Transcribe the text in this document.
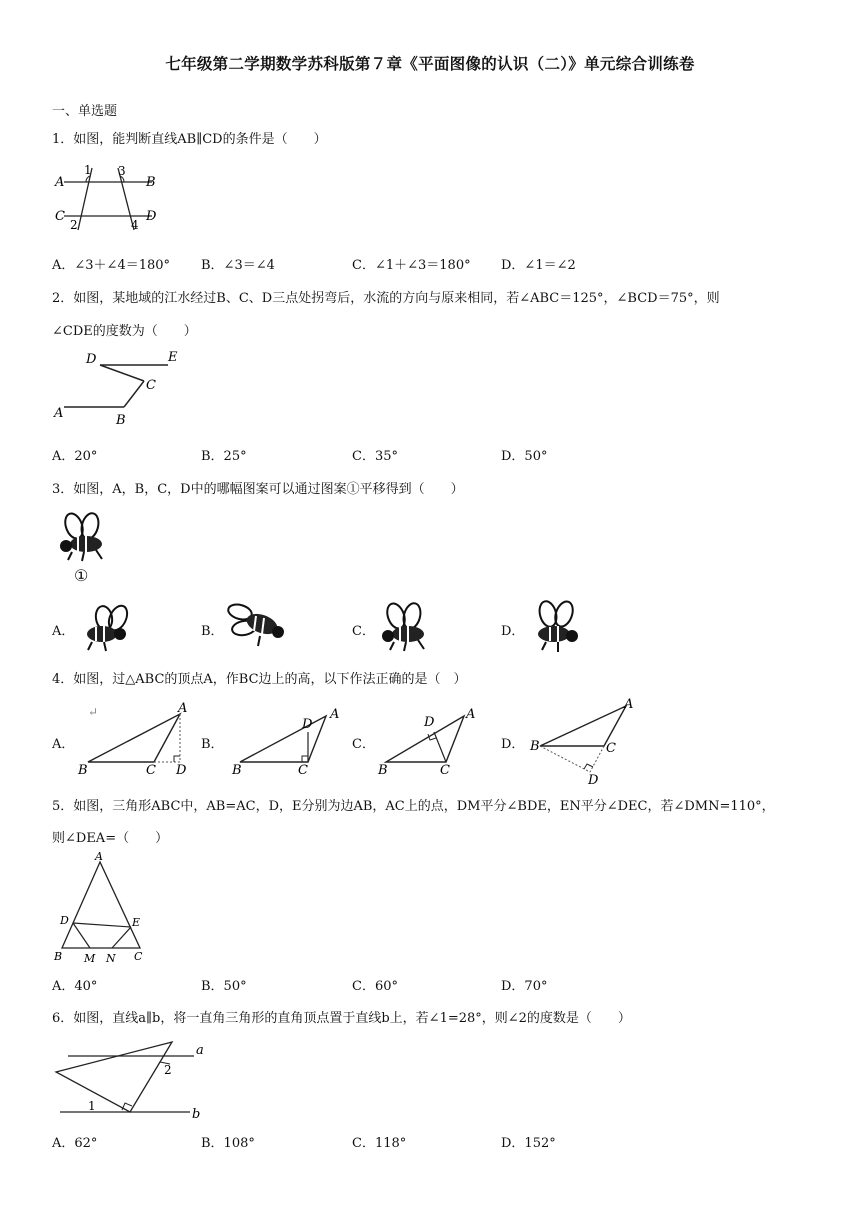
七年级第二学期数学苏科版第７章《平面图像的认识（二）》单元综合训练卷
一、单选题
1．如图，能判断直线AB∥CD的条件是（　　）
A	B
C	D
1
2
3
4
A．∠3＋∠4＝180° B．∠3＝∠4	C．∠1＋∠3＝180° D．∠1＝∠2
2．如图，某地域的江水经过B、C、D三点处拐弯后，水流的方向与原来相同，若∠ABC＝125°，∠BCD＝75°，则
∠CDE的度数为（　　）
D	E
C
A	B
A．20°	B．25°	C．35°	D．50°
3．如图，A，B，C，D中的哪幅图案可以通过图案①平移得到（　　）
①
A．	B．	C．	D．
4．如图，过△ABC的顶点A，作BC边上的高，以下作法正确的是（　）
A．
↵	A
B	C D
B．
A
D
B	C
C．
A
D
B	C
D．
A
B	C
D
5．如图，三角形ABC中，AB=AC，D，E分别为边AB，AC上的点，DM平分∠BDE，EN平分∠DEC，若∠DMN=110°，
则∠DEA=（　　）
A
D	E
B M N C
A．40°	B．50°	C．60°	D．70°
6．如图，直线a∥b，将一直角三角形的直角顶点置于直线b上，若∠1=28°，则∠2的度数是（　　）
a
b
1
2
A．62°	B．108°	C．118°	D．152°
